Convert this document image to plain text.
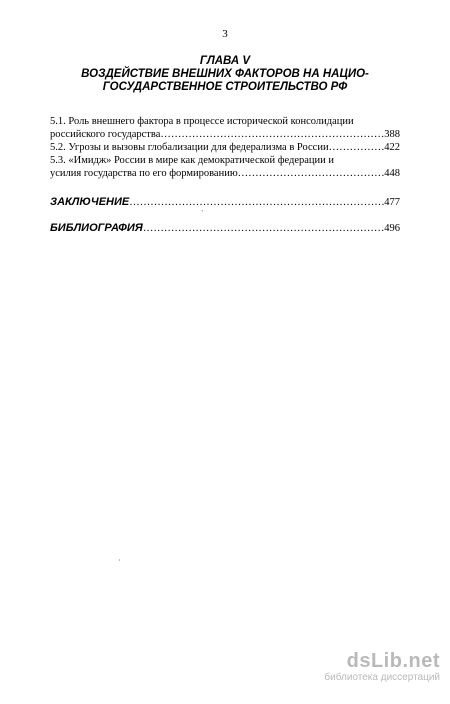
3
ГЛАВА V
ВОЗДЕЙСТВИЕ ВНЕШНИХ ФАКТОРОВ НА НАЦИО-
ГОСУДАРСТВЕННОЕ СТРОИТЕЛЬСТВО РФ
5.1. Роль внешнего фактора в процессе исторической консолидации
российского государства ……………………………………………………………………………………………………………………………………	388
5.2. Угрозы и вызовы глобализации для федерализма в России ……………………………………………………………………………………………………………………………………	422
5.3. «Имидж» России в мире как демократической федерации и
усилия государства по его формированию ……………………………………………………………………………………………………………………………………	448
ЗАКЛЮЧЕНИЕ ……………………………………………………………………………………………………………………………………	477
БИБЛИОГРАФИЯ ……………………………………………………………………………………………………………………………………	496
`
·
dsLib.net
библиотека диссертаций
